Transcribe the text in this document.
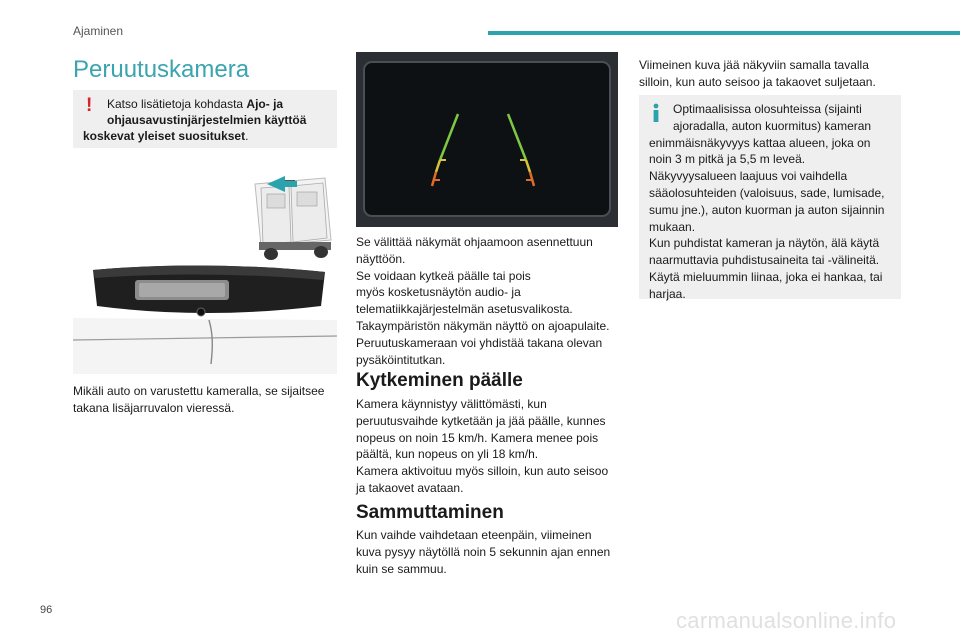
Ajaminen
Peruutuskamera
! Katso lisätietoja kohdasta Ajo- ja
ohjausavustinjärjestelmien käyttöä
koskevat yleiset suositukset.
Mikäli auto on varustettu kameralla, se sijaitsee
takana lisäjarruvalon vieressä.
Se välittää näkymät ohjaamoon asennettuun
näyttöön.
Se voidaan kytkeä päälle tai pois
myös kosketusnäytön audio- ja
telematiikkajärjestelmän asetusvalikosta.
Takaympäristön näkymän näyttö on ajoapulaite.
Peruutuskameraan voi yhdistää takana olevan
pysäköintitutkan.
Kytkeminen päälle
Kamera käynnistyy välittömästi, kun
peruutusvaihde kytketään ja jää päälle, kunnes
nopeus on noin 15 km/h. Kamera menee pois
päältä, kun nopeus on yli 18 km/h.
Kamera aktivoituu myös silloin, kun auto seisoo
ja takaovet avataan.
Sammuttaminen
Kun vaihde vaihdetaan eteenpäin, viimeinen
kuva pysyy näytöllä noin 5 sekunnin ajan ennen
kuin se sammuu.
Viimeinen kuva jää näkyviin samalla tavalla
silloin, kun auto seisoo ja takaovet suljetaan.
Optimaalisissa olosuhteissa (sijainti
ajoradalla, auton kuormitus) kameran
enimmäisnäkyvyys kattaa alueen, joka on
noin 3 m pitkä ja 5,5 m leveä.
Näkyvyysalueen laajuus voi vaihdella
sääolosuhteiden (valoisuus, sade, lumisade,
sumu jne.), auton kuorman ja auton sijainnin
mukaan.
Kun puhdistat kameran ja näytön, älä käytä
naarmuttavia puhdistusaineita tai -välineitä.
Käytä mieluummin liinaa, joka ei hankaa, tai
harjaa.
96	carmanualsonline.info
